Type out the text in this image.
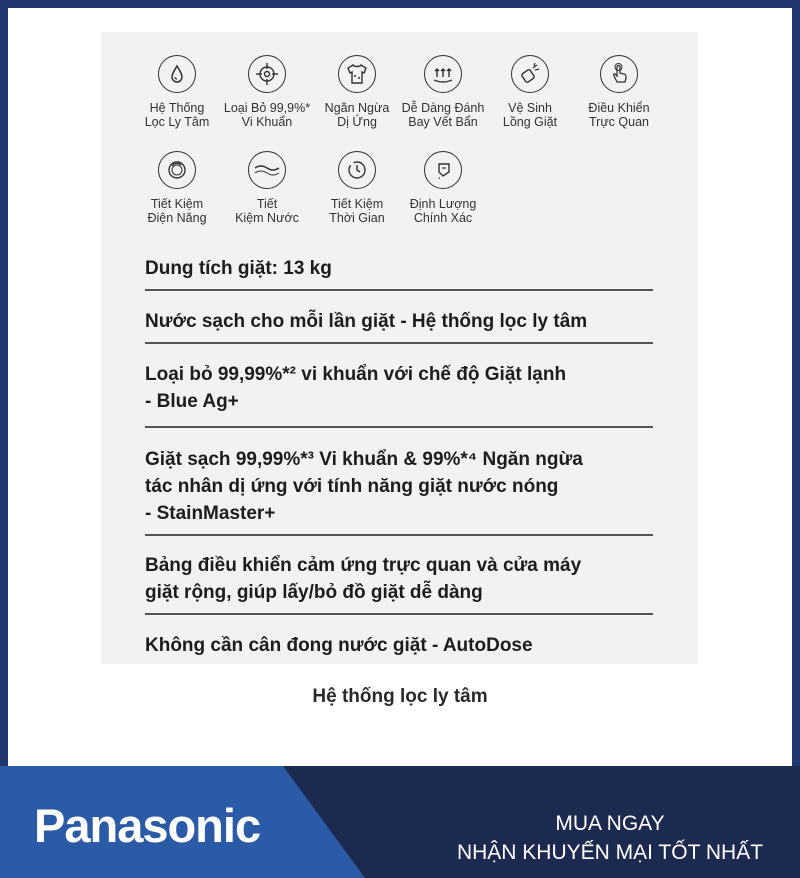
Hệ Thống
Lọc Ly Tâm
Loại Bỏ 99,9%*
Vi Khuẩn
Ngăn Ngừa
Dị Ứng
Dễ Dàng Đánh
Bay Vết Bẩn
Vệ Sinh
Lồng Giặt
Điều Khiển
Trực Quan
Tiết Kiệm
Điện Năng
Tiết
Kiệm Nước
Tiết Kiệm
Thời Gian
Định Lượng
Chính Xác
Dung tích giặt: 13 kg
Nước sạch cho mỗi lần giặt - Hệ thống lọc ly tâm
Loại bỏ 99,99%*² vi khuẩn với chế độ Giặt lạnh
- Blue Ag+
Giặt sạch 99,99%*³ Vi khuẩn & 99%*⁴ Ngăn ngừa
tác nhân dị ứng với tính năng giặt nước nóng
- StainMaster+
Bảng điều khiển cảm ứng trực quan và cửa máy
giặt rộng, giúp lấy/bỏ đồ giặt dễ dàng
Không cần cân đong nước giặt - AutoDose
Hệ thống lọc ly tâm
Panasonic	MUA NGAY
NHẬN KHUYẾN MẠI TỐT NHẤT
